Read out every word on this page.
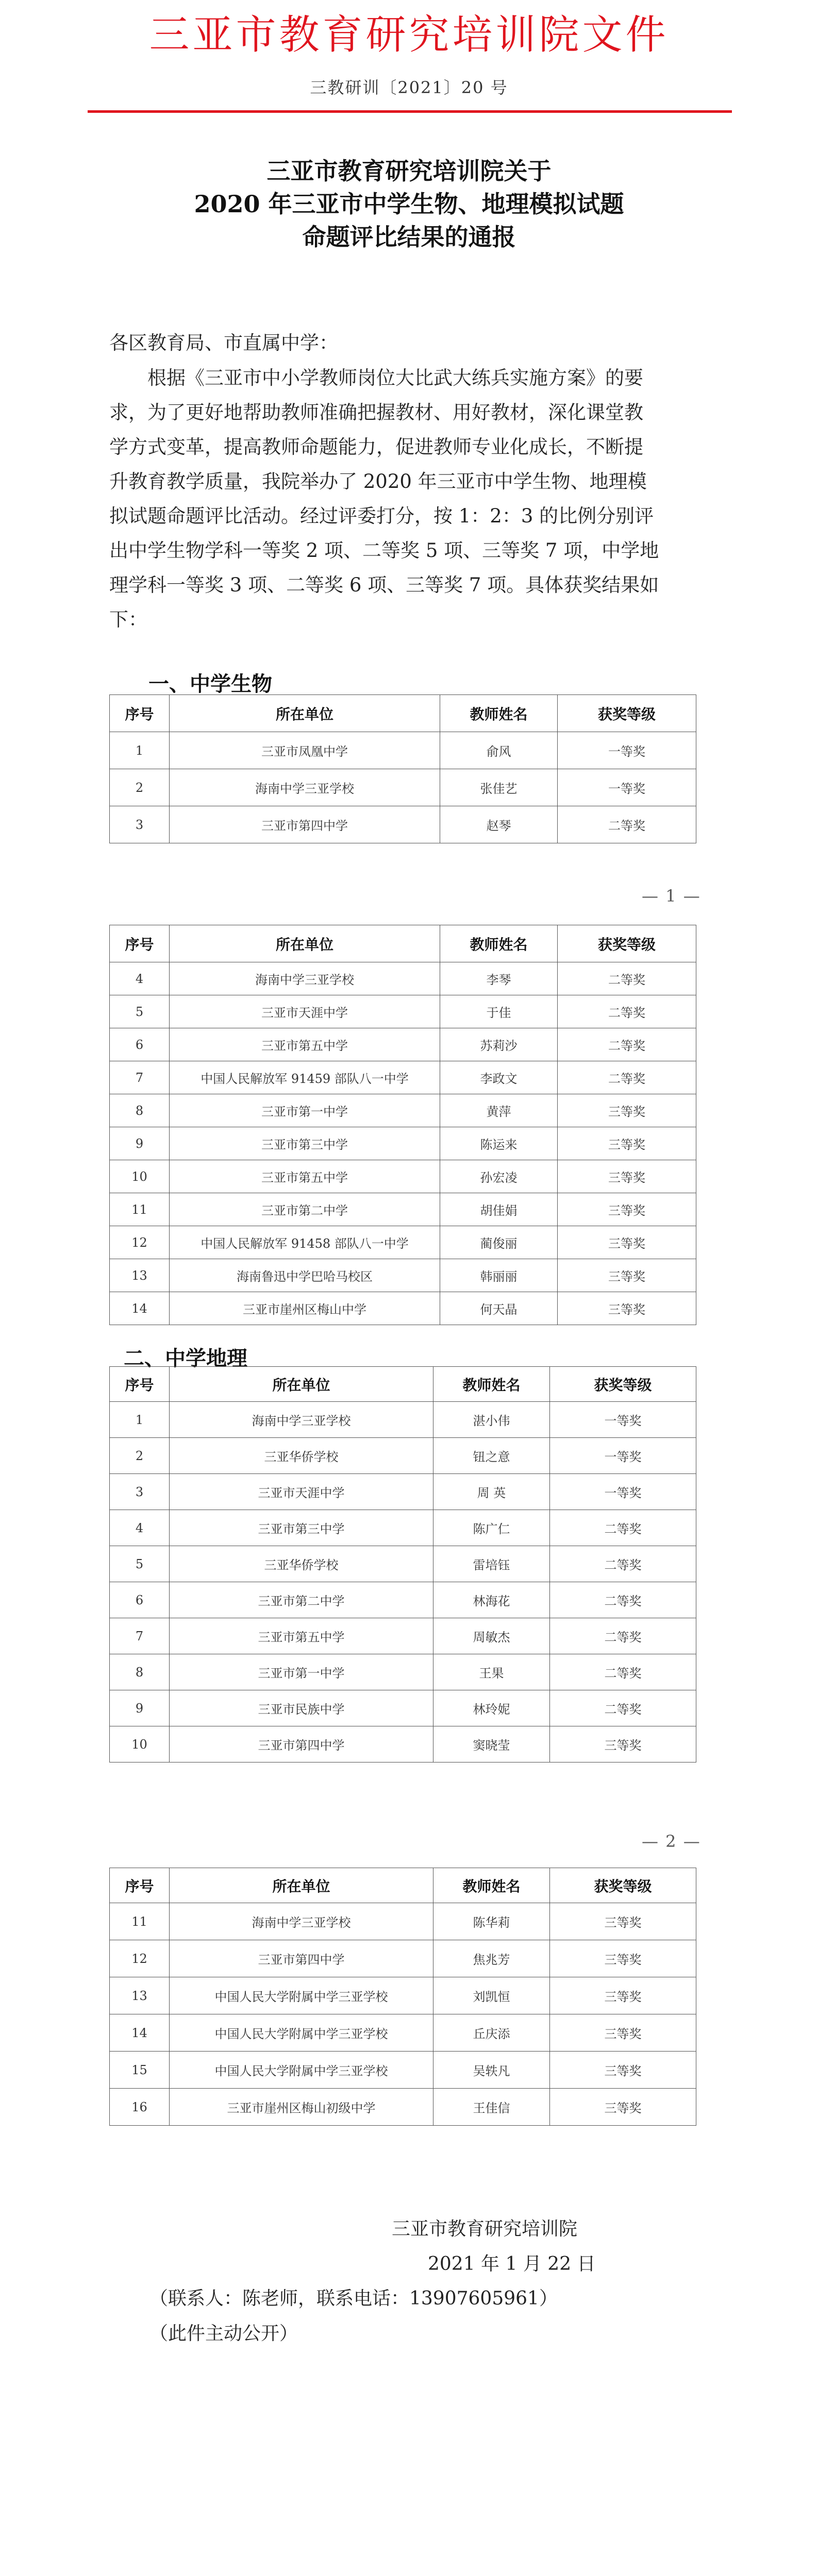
三亚市教育研究培训院文件
三教研训〔2021〕20 号
三亚市教育研究培训院关于
2020 年三亚市中学生物、地理模拟试题
命题评比结果的通报
各区教育局、市直属中学：
根据《三亚市中小学教师岗位大比武大练兵实施方案》的要
求，为了更好地帮助教师准确把握教材、用好教材，深化课堂教
学方式变革，提高教师命题能力，促进教师专业化成长，不断提
升教育教学质量，我院举办了 2020 年三亚市中学生物、地理模
拟试题命题评比活动。经过评委打分，按 1：2：3 的比例分别评
出中学生物学科一等奖 2 项、二等奖 5 项、三等奖 7 项，中学地
理学科一等奖 3 项、二等奖 6 项、三等奖 7 项。具体获奖结果如
下：
一、中学生物
序号	所在单位	教师姓名	获奖等级
1	三亚市凤凰中学	俞风	一等奖
2	海南中学三亚学校	张佳艺	一等奖
3	三亚市第四中学	赵琴	二等奖
— 1 —
序号	所在单位	教师姓名	获奖等级
4	海南中学三亚学校	李琴	二等奖
5	三亚市天涯中学	于佳	二等奖
6	三亚市第五中学	苏莉沙	二等奖
7	中国人民解放军 91459 部队八一中学	李政文	二等奖
8	三亚市第一中学	黄萍	三等奖
9	三亚市第三中学	陈运来	三等奖
10	三亚市第五中学	孙宏凌	三等奖
11	三亚市第二中学	胡佳娟	三等奖
12	中国人民解放军 91458 部队八一中学	蔺俊丽	三等奖
13	海南鲁迅中学巴哈马校区	韩丽丽	三等奖
14	三亚市崖州区梅山中学	何天晶	三等奖
二、中学地理
序号	所在单位	教师姓名	获奖等级
1	海南中学三亚学校	湛小伟	一等奖
2	三亚华侨学校	钮之意	一等奖
3	三亚市天涯中学	周 英	一等奖
4	三亚市第三中学	陈广仁	二等奖
5	三亚华侨学校	雷培钰	二等奖
6	三亚市第二中学	林海花	二等奖
7	三亚市第五中学	周敏杰	二等奖
8	三亚市第一中学	王果	二等奖
9	三亚市民族中学	林玲妮	二等奖
10	三亚市第四中学	窦晓莹	三等奖
— 2 —
序号	所在单位	教师姓名	获奖等级
11	海南中学三亚学校	陈华莉	三等奖
12	三亚市第四中学	焦兆芳	三等奖
13	中国人民大学附属中学三亚学校	刘凯恒	三等奖
14	中国人民大学附属中学三亚学校	丘庆添	三等奖
15	中国人民大学附属中学三亚学校	吴轶凡	三等奖
16	三亚市崖州区梅山初级中学	王佳信	三等奖
三亚市教育研究培训院
2021 年 1 月 22 日
（联系人：陈老师，联系电话：13907605961）
（此件主动公开）
